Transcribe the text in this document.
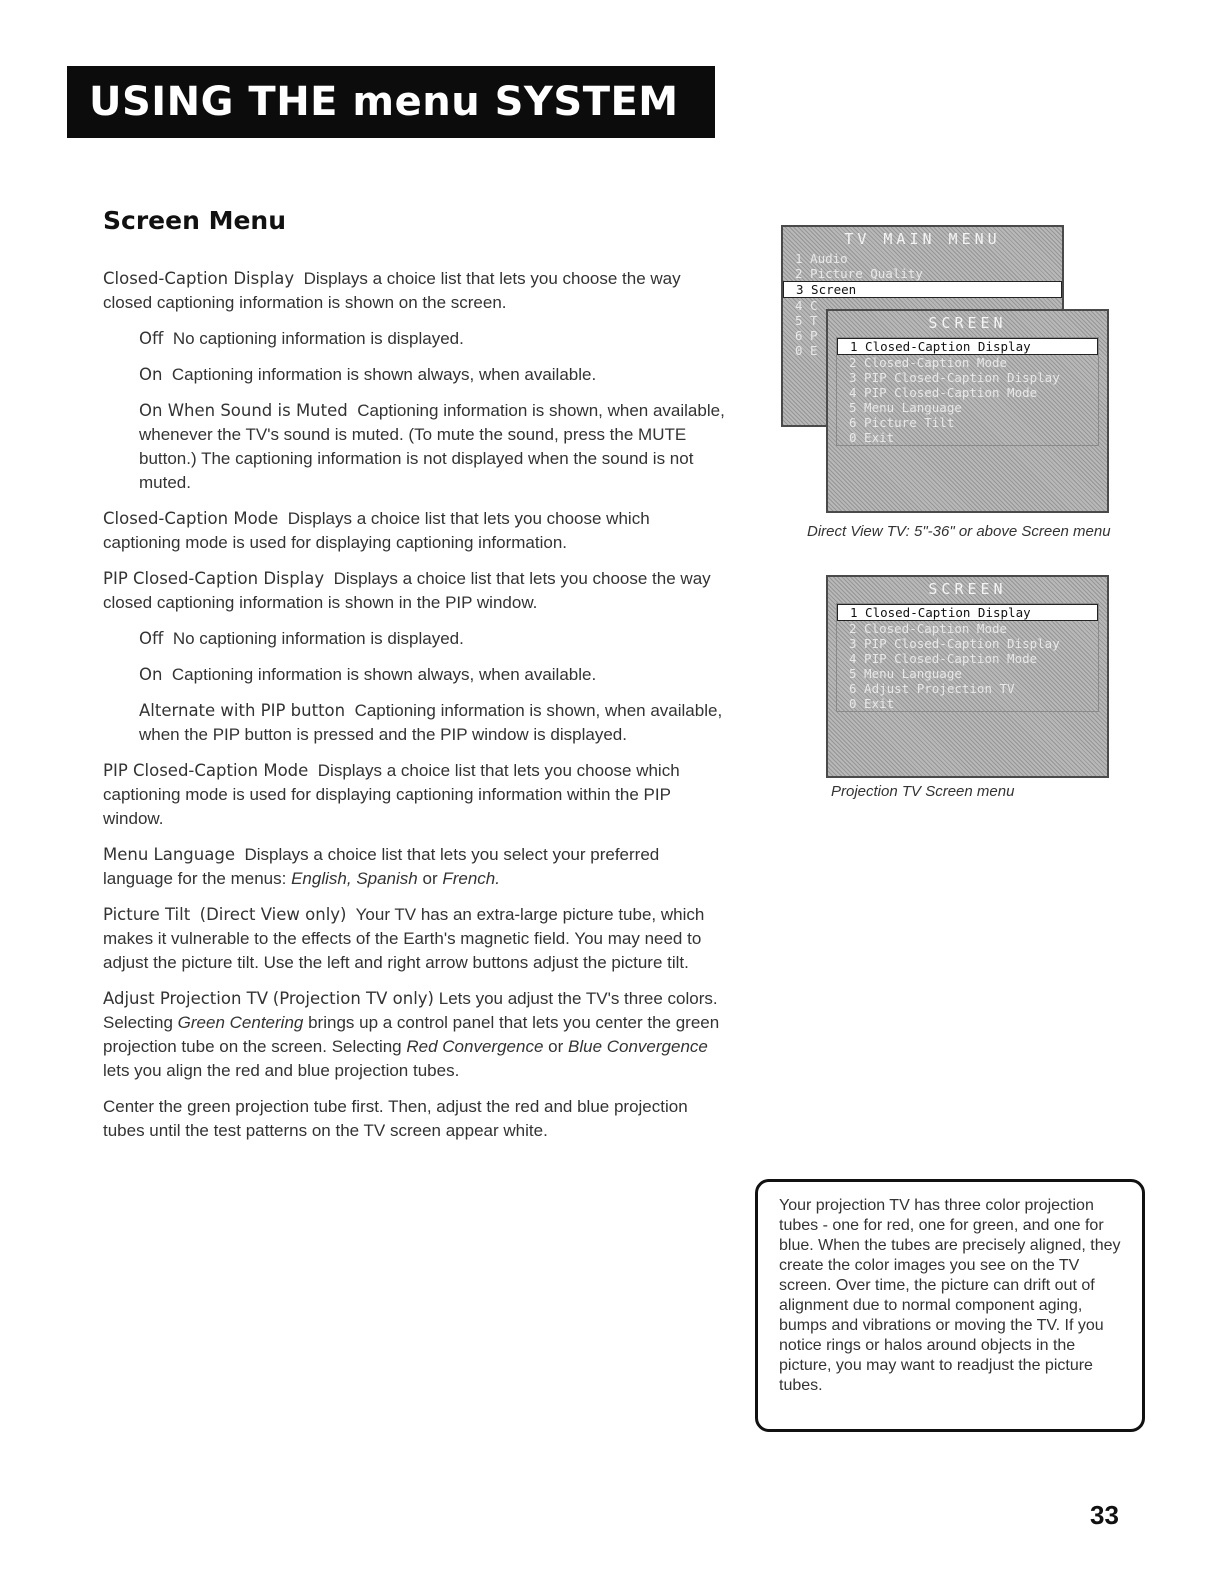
USING THE menu SYSTEM
Screen Menu

Closed-Caption Display Displays a choice list that lets you choose the way closed captioning information is shown on the screen.

Off No captioning information is displayed.

On Captioning information is shown always, when available.

On When Sound is Muted Captioning information is shown, when available, whenever the TV's sound is muted. (To mute the sound, press the MUTE button.) The captioning information is not displayed when the sound is not muted.

Closed-Caption Mode Displays a choice list that lets you choose which captioning mode is used for displaying captioning information.

PIP Closed-Caption Display Displays a choice list that lets you choose the way closed captioning information is shown in the PIP window.

Off No captioning information is displayed.

On Captioning information is shown always, when available.

Alternate with PIP button Captioning information is shown, when available, when the PIP button is pressed and the PIP window is displayed.

PIP Closed-Caption Mode Displays a choice list that lets you choose which captioning mode is used for displaying captioning information within the PIP window.

Menu Language Displays a choice list that lets you select your preferred language for the menus: English, Spanish or French.

Picture Tilt (Direct View only) Your TV has an extra-large picture tube, which makes it vulnerable to the effects of the Earth's magnetic field. You may need to adjust the picture tilt. Use the left and right arrow buttons adjust the picture tilt.

Adjust Projection TV (Projection TV only) Lets you adjust the TV's three colors. Selecting Green Centering brings up a control panel that lets you center the green projection tube on the screen. Selecting Red Convergence or Blue Convergence lets you align the red and blue projection tubes.

Center the green projection tube first. Then, adjust the red and blue projection tubes until the test patterns on the TV screen appear white.

TV MAIN MENU
1 Audio
2 Picture Quality
3 Screen
4 C
5 T
6 P
0 E
SCREEN
1 Closed-Caption Display
2 Closed-Caption Mode
3 PIP Closed-Caption Display
4 PIP Closed-Caption Mode
5 Menu Language
6 Picture Tilt
0 Exit

Direct View TV: 5"-36" or above Screen menu

SCREEN
1 Closed-Caption Display
2 Closed-Caption Mode
3 PIP Closed-Caption Display
4 PIP Closed-Caption Mode
5 Menu Language
6 Adjust Projection TV
0 Exit

Projection TV Screen menu

Your projection TV has three color projection tubes - one for red, one for green, and one for blue. When the tubes are precisely aligned, they create the color images you see on the TV screen. Over time, the picture can drift out of alignment due to normal component aging, bumps and vibrations or moving the TV. If you notice rings or halos around objects in the picture, you may want to readjust the picture tubes.
33
